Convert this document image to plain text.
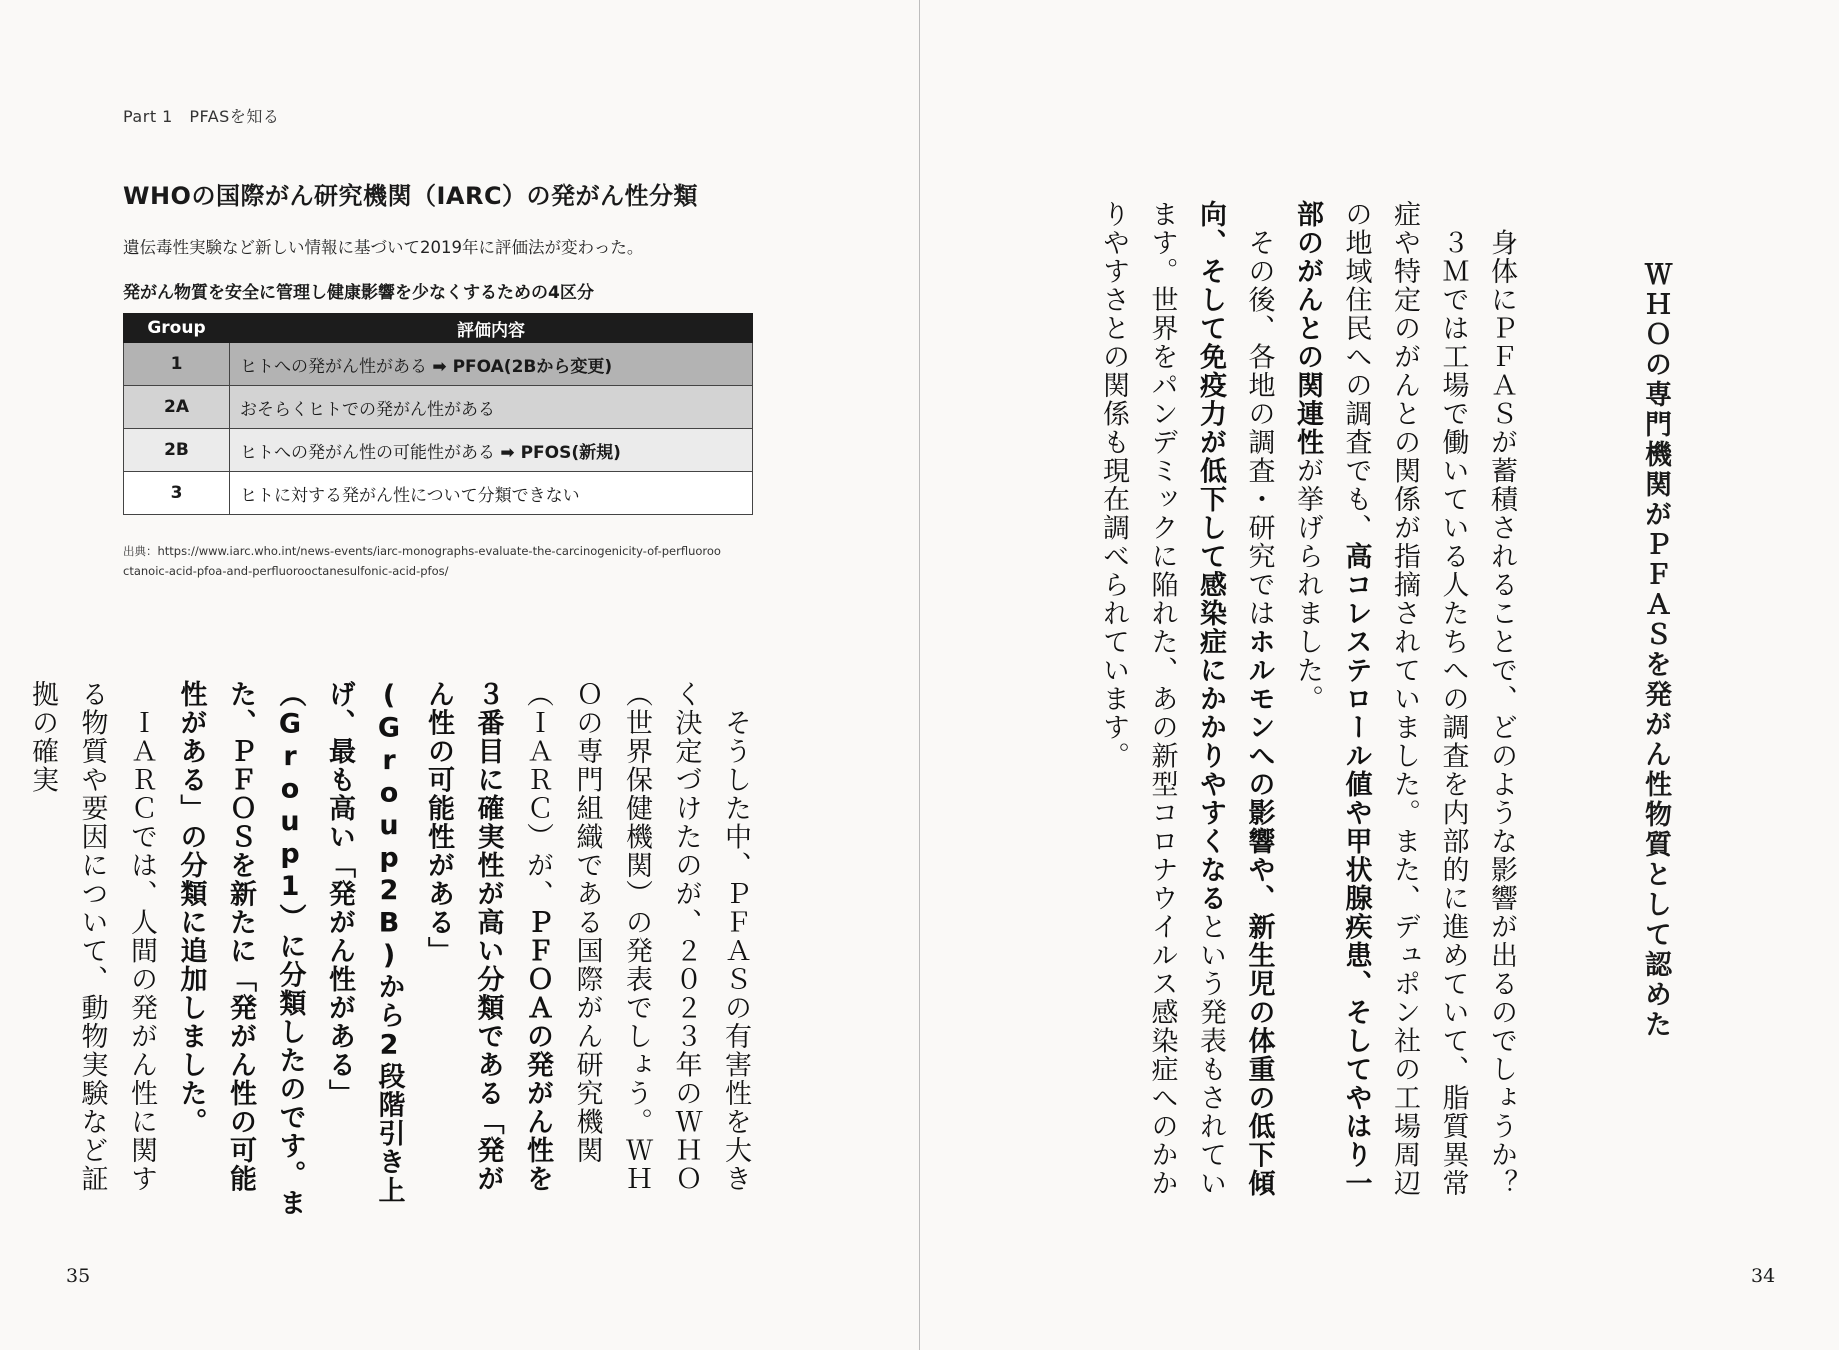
Part 1　PFASを知る
WHOの国際がん研究機関（IARC）の発がん性分類
遺伝毒性実験など新しい情報に基づいて2019年に評価法が変わった。
発がん物質を安全に管理し健康影響を少なくするための4区分
Group	評価内容
1	ヒトへの発がん性がある ➡ PFOA(2Bから変更)
2A	おそらくヒトでの発がん性がある
2B	ヒトへの発がん性の可能性がある ➡ PFOS(新規)
3	ヒトに対する発がん性について分類できない
出典：https://www.iarc.who.int/news-events/iarc-monographs-evaluate-the-carcinogenicity-of-perfluorooctanoic-acid-pfoa-and-perfluorooctanesulfonic-acid-pfos/
　そうした中、ＰＦＡＳの有害性を大きく決定づけたのが、２０２３年のＷＨＯ（世界保健機関）の発表でしょう。ＷＨＯの専門組織である国際がん研究機関（ＩＡＲＣ）が、ＰＦＯＡの発がん性を３番目に確実性が高い分類である「発がん性の可能性がある」(Group2B)から2段階引き上げ、最も高い「発がん性がある」（Group1）に分類したのです。また、ＰＦＯＳを新たに「発がん性の可能性がある」の分類に追加しました。
　ＩＡＲＣでは、人間の発がん性に関する物質や要因について、動物実験など証拠の確実
35
ＷＨＯの専門機関がＰＦＡＳを発がん性物質として認めた
　身体にＰＦＡＳが蓄積されることで、どのような影響が出るのでしょうか？
　３Ｍでは工場で働いている人たちへの調査を内部的に進めていて、脂質異常症や特定のがんとの関係が指摘されていました。また、デュポン社の工場周辺の地域住民への調査でも、高コレステロール値や甲状腺疾患、そしてやはり一部のがんとの関連性が挙げられました。
　その後、各地の調査・研究ではホルモンへの影響や、新生児の体重の低下傾向、そして免疫力が低下して感染症にかかりやすくなるという発表もされています。世界をパンデミックに陥れた、あの新型コロナウイルス感染症へのかかりやすさとの関係も現在調べられています。
34
